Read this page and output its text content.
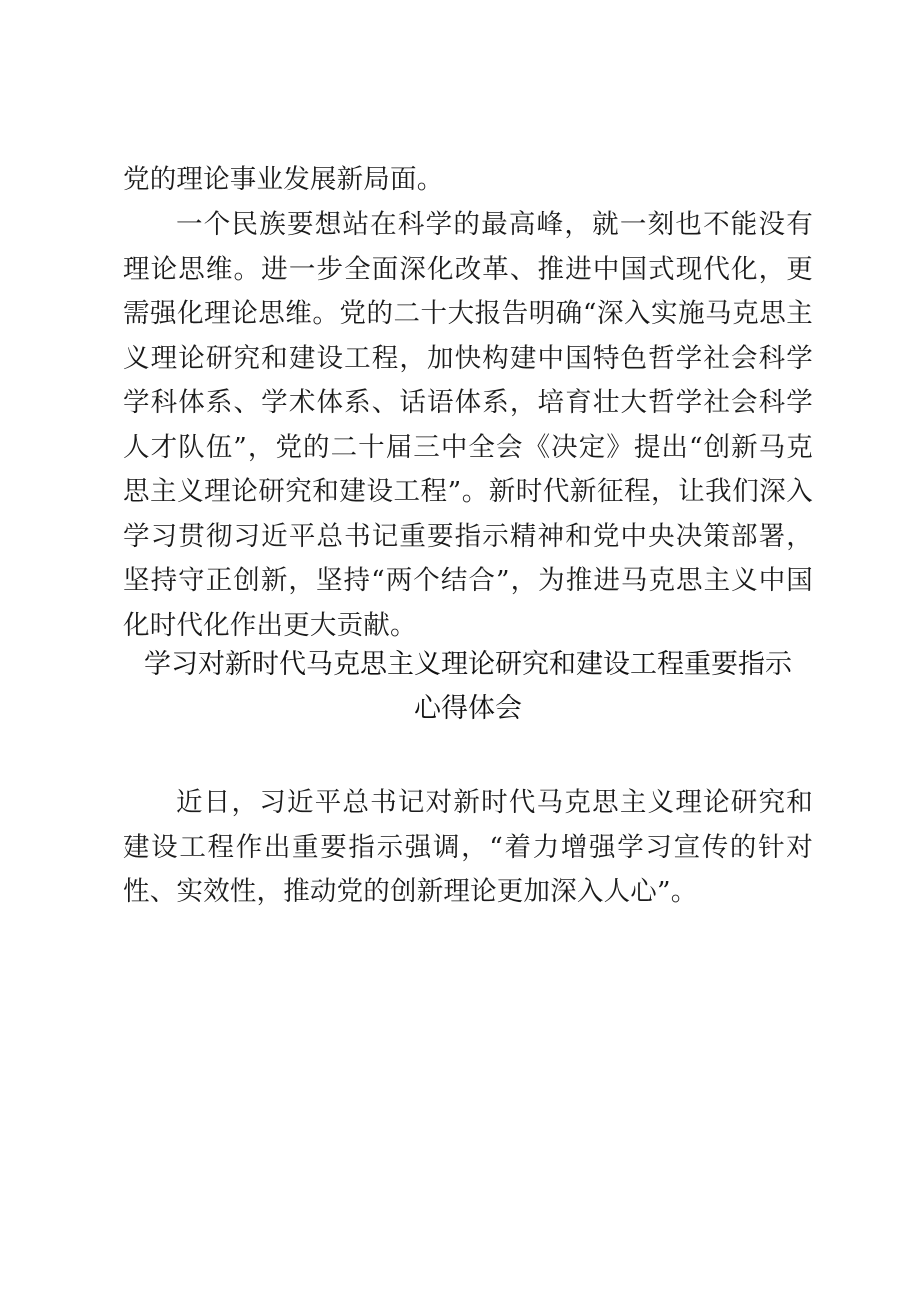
党的理论事业发展新局面。

一个民族要想站在科学的最高峰，就一刻也不能没有理论思维。进一步全面深化改革、推进中国式现代化，更需强化理论思维。党的二十大报告明确“深入实施马克思主义理论研究和建设工程，加快构建中国特色哲学社会科学学科体系、学术体系、话语体系，培育壮大哲学社会科学人才队伍”，党的二十届三中全会《决定》提出“创新马克思主义理论研究和建设工程”。新时代新征程，让我们深入学习贯彻习近平总书记重要指示精神和党中央决策部署，坚持守正创新，坚持“两个结合”，为推进马克思主义中国化时代化作出更大贡献。

学习对新时代马克思主义理论研究和建设工程重要指示
心得体会

近日，习近平总书记对新时代马克思主义理论研究和建设工程作出重要指示强调，“着力增强学习宣传的针对性、实效性，推动党的创新理论更加深入人心”。
